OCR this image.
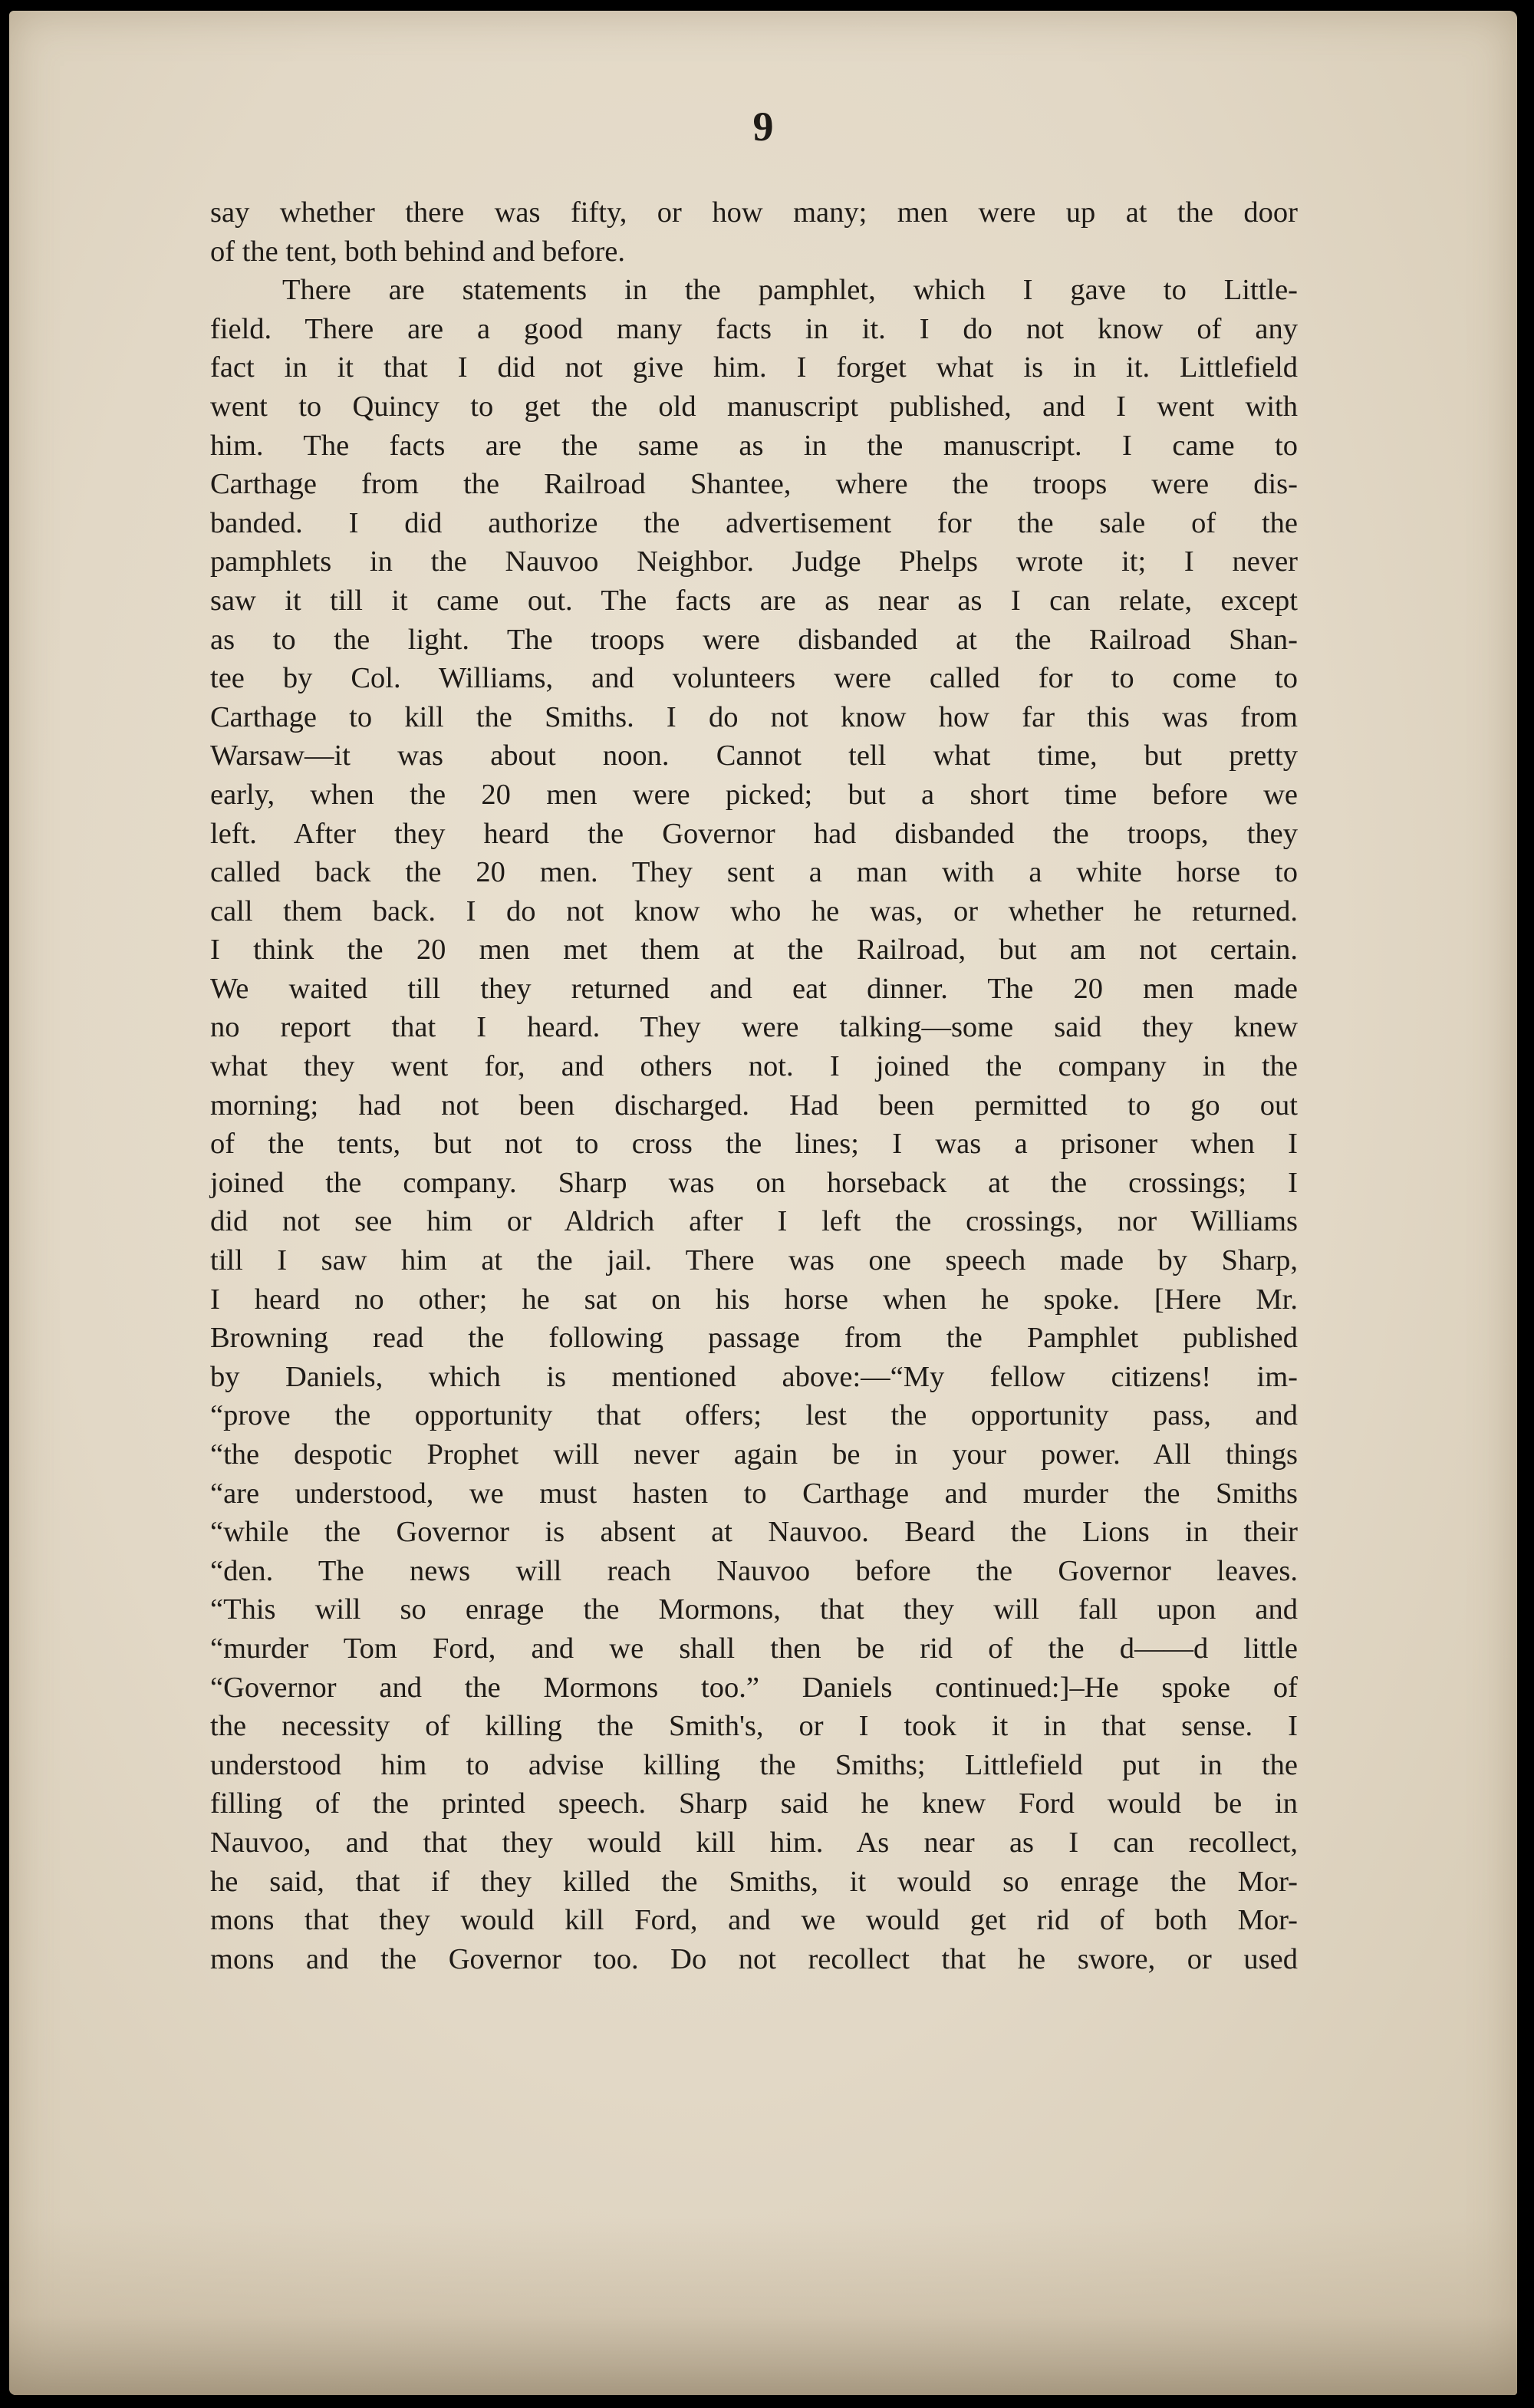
9
say whether there was fifty, or how many; men were up at the door
of the tent, both behind and before.
There are statements in the pamphlet, which I gave to Little-
field. There are a good many facts in it. I do not know of any
fact in it that I did not give him. I forget what is in it. Littlefield
went to Quincy to get the old manuscript published, and I went with
him. The facts are the same as in the manuscript. I came to
Carthage from the Railroad Shantee, where the troops were dis-
banded. I did authorize the advertisement for the sale of the
pamphlets in the Nauvoo Neighbor. Judge Phelps wrote it; I never
saw it till it came out. The facts are as near as I can relate, except
as to the light. The troops were disbanded at the Railroad Shan-
tee by Col. Williams, and volunteers were called for to come to
Carthage to kill the Smiths. I do not know how far this was from
Warsaw—it was about noon. Cannot tell what time, but pretty
early, when the 20 men were picked; but a short time before we
left. After they heard the Governor had disbanded the troops, they
called back the 20 men. They sent a man with a white horse to
call them back. I do not know who he was, or whether he returned.
I think the 20 men met them at the Railroad, but am not certain.
We waited till they returned and eat dinner. The 20 men made
no report that I heard. They were talking—some said they knew
what they went for, and others not. I joined the company in the
morning; had not been discharged. Had been permitted to go out
of the tents, but not to cross the lines; I was a prisoner when I
joined the company. Sharp was on horseback at the crossings; I
did not see him or Aldrich after I left the crossings, nor Williams
till I saw him at the jail. There was one speech made by Sharp,
I heard no other; he sat on his horse when he spoke. [Here Mr.
Browning read the following passage from the Pamphlet published
by Daniels, which is mentioned above:—“My fellow citizens! im-
“prove the opportunity that offers; lest the opportunity pass, and
“the despotic Prophet will never again be in your power. All things
“are understood, we must hasten to Carthage and murder the Smiths
“while the Governor is absent at Nauvoo. Beard the Lions in their
“den. The news will reach Nauvoo before the Governor leaves.
“This will so enrage the Mormons, that they will fall upon and
“murder Tom Ford, and we shall then be rid of the d——d little
“Governor and the Mormons too.” Daniels continued:]–He spoke of
the necessity of killing the Smith's, or I took it in that sense. I
understood him to advise killing the Smiths; Littlefield put in the
filling of the printed speech. Sharp said he knew Ford would be in
Nauvoo, and that they would kill him. As near as I can recollect,
he said, that if they killed the Smiths, it would so enrage the Mor-
mons that they would kill Ford, and we would get rid of both Mor-
mons and the Governor too. Do not recollect that he swore, or used
